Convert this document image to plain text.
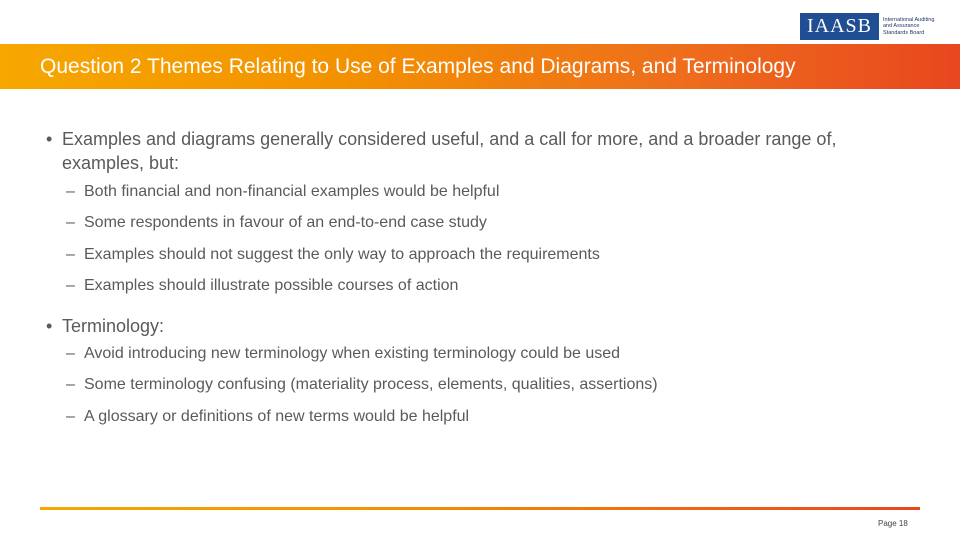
IAASB	International Auditing and Assurance Standards Board
Question 2 Themes Relating to Use of Examples and Diagrams, and Terminology
• Examples and diagrams generally considered useful, and a call for more, and a broader range of, examples, but:
– Both financial and non-financial examples would be helpful
– Some respondents in favour of an end-to-end case study
– Examples should not suggest the only way to approach the requirements
– Examples should illustrate possible courses of action
• Terminology:
– Avoid introducing new terminology when existing terminology could be used
– Some terminology confusing (materiality process, elements, qualities, assertions)
– A glossary or definitions of new terms would be helpful
Page 18
